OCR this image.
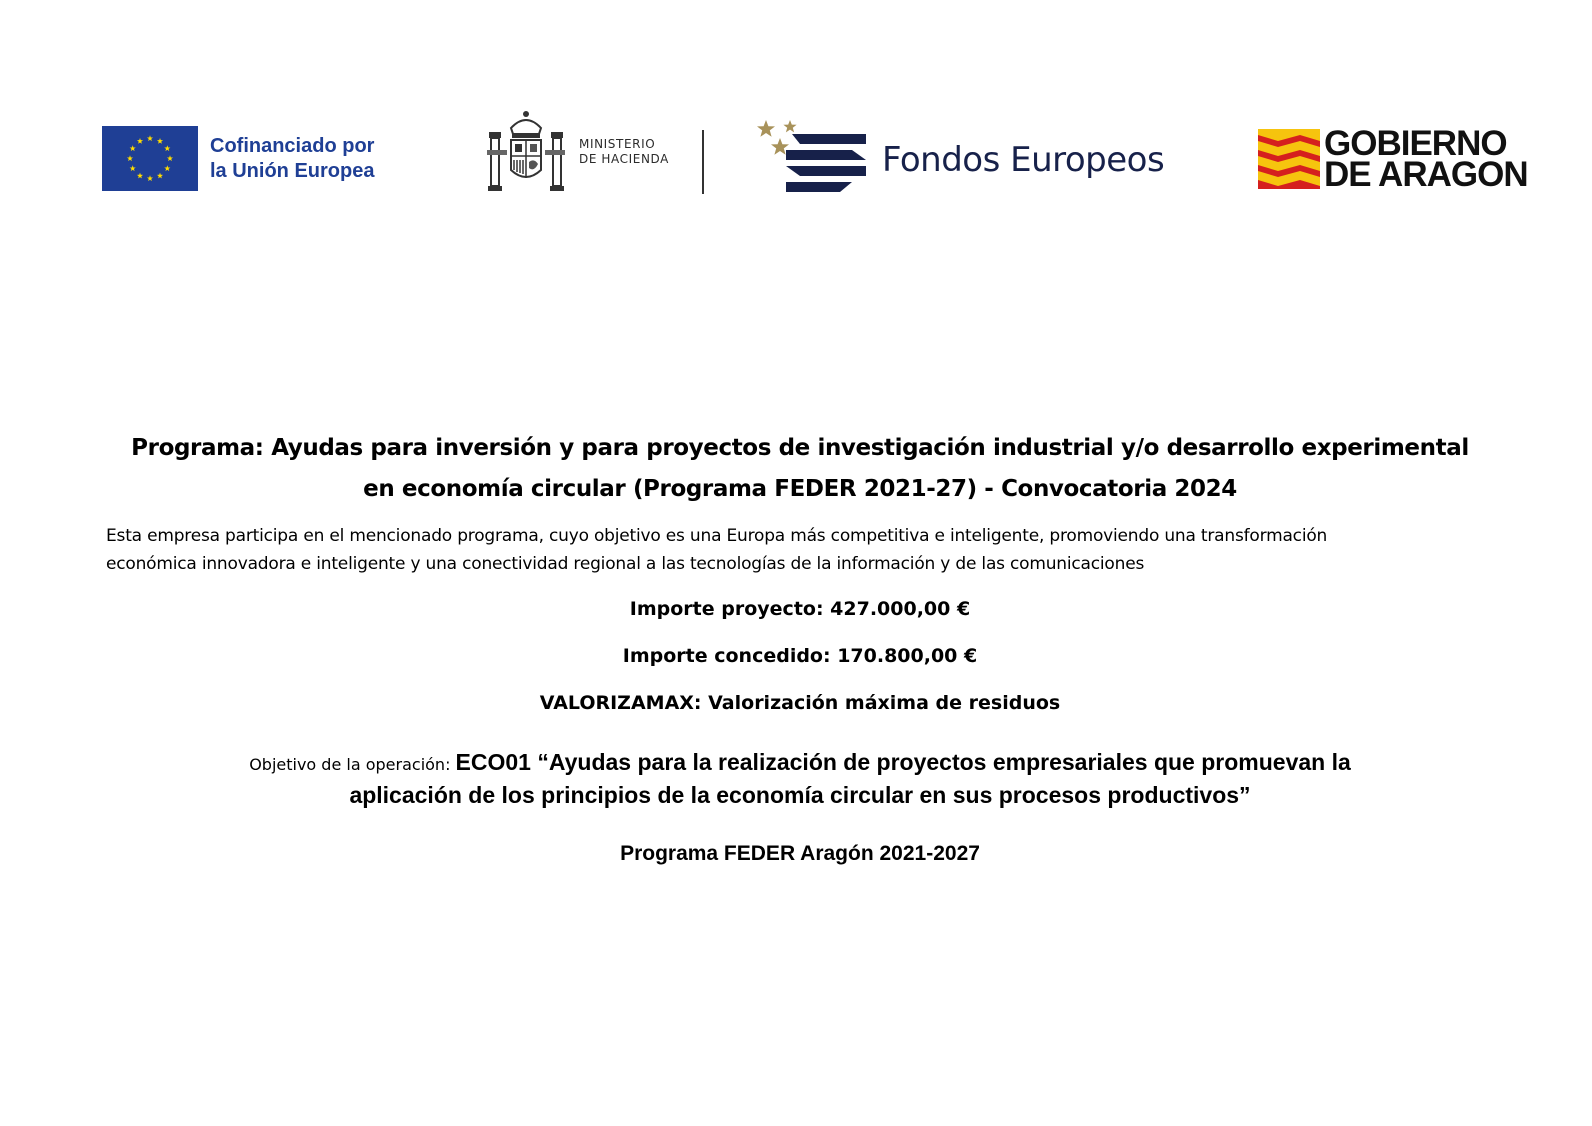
Cofinanciado por
la Unión Europea
MINISTERIO
DE HACIENDA	Fondos Europeos	GOBIERNO
DE ARAGON
Programa: Ayudas para inversión y para proyectos de investigación industrial y/o desarrollo experimental
en economía circular (Programa FEDER 2021-27) - Convocatoria 2024
Esta empresa participa en el mencionado programa, cuyo objetivo es una Europa más competitiva e inteligente, promoviendo una transformación
económica innovadora e inteligente y una conectividad regional a las tecnologías de la información y de las comunicaciones

Importe proyecto: 427.000,00 €

Importe concedido: 170.800,00 €

VALORIZAMAX: Valorización máxima de residuos

Objetivo de la operación: ECO01 “Ayudas para la realización de proyectos empresariales que promuevan la
aplicación de los principios de la economía circular en sus procesos productivos”
Programa FEDER Aragón 2021-2027
